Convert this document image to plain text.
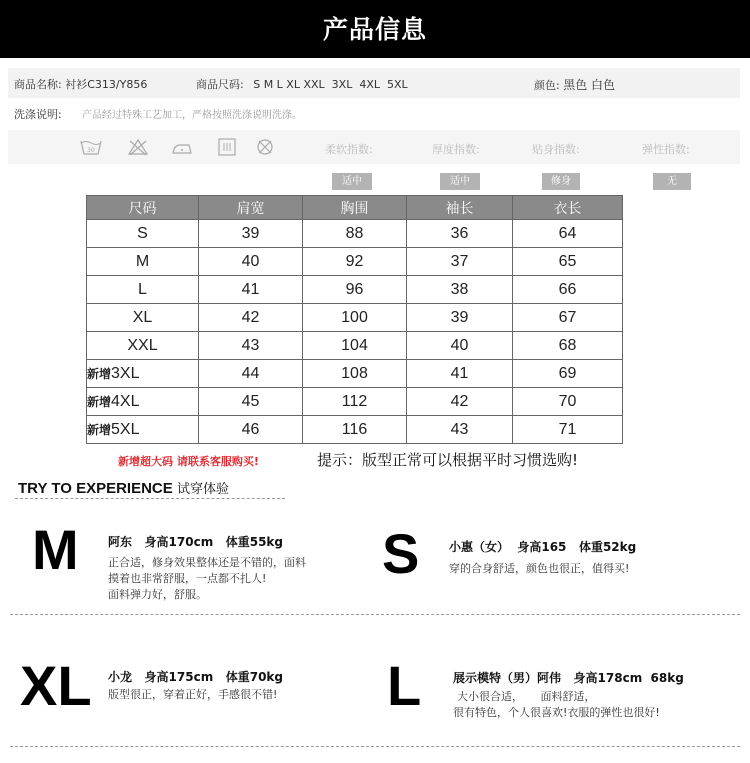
产品信息
商品名称: 衬衫C313/Y856	商品尺码: S M L XL XXL  3XL  4XL  5XL	颜色: 黑色 白色
洗涤说明: 产品经过特殊工艺加工，严格按照洗涤说明洗涤。
30	柔软指数:	厚度指数:	贴身指数:	弹性指数:
适中	适中	修身	无
尺码	肩宽	胸围	袖长	衣长
S	39	88	36	64
M	40	92	37	65
L	41	96	38	66
XL	42	100	39	67
XXL	43	104	40	68
新增3XL	44	108	41	69
新增4XL	45	112	42	70
新增5XL	46	116	43	71
新增超大码 请联系客服购买!	提示：版型正常可以根据平时习惯选购!
TRY TO EXPERIENCE 试穿体验
M 阿东   身高170cm   体重55kg
正合适，修身效果整体还是不错的，面料
摸着也非常舒服，一点都不扎人!
面料弹力好，舒服。
S 小惠（女）  身高165   体重52kg
穿的合身舒适，颜色也很正，值得买!
XL 小龙   身高175cm   体重70kg
版型很正，穿着正好，手感很不错! L	展示模特（男）阿伟   身高178cm  68kg
大小很合适，     面料舒适，
很有特色，个人很喜欢!衣服的弹性也很好!
